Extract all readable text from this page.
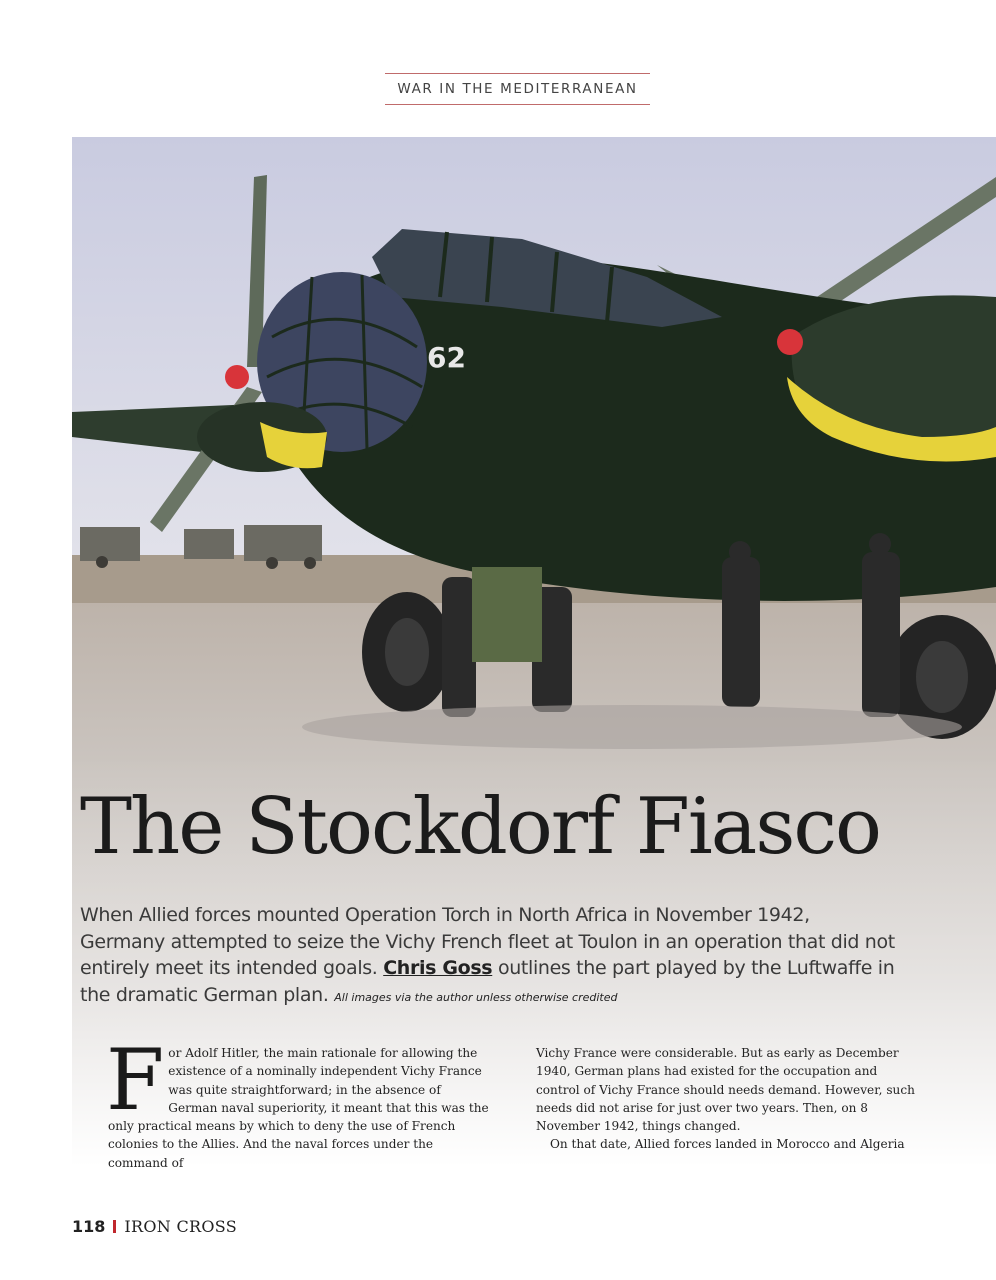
WAR IN THE MEDITERRANEAN
62
The Stockdorf Fiasco
When Allied forces mounted Operation Torch in North Africa in November 1942, Germany attempted to seize the Vichy French fleet at Toulon in an operation that did not entirely meet its intended goals. Chris Goss outlines the part played by the Luftwaffe in the dramatic German plan. All images via the author unless otherwise credited

For Adolf Hitler, the main rationale for allowing the existence of a nominally independent Vichy France was quite straightforward; in the absence of German naval superiority, it meant that this was the only practical means by which to deny the use of French colonies to the Allies. And the naval forces under the command of

Vichy France were considerable. But as early as December 1940, German plans had existed for the occupation and control of Vichy France should needs demand. However, such needs did not arise for just over two years. Then, on 8 November 1942, things changed.

On that date, Allied forces landed in Morocco and Algeria

118 IRON CROSS
